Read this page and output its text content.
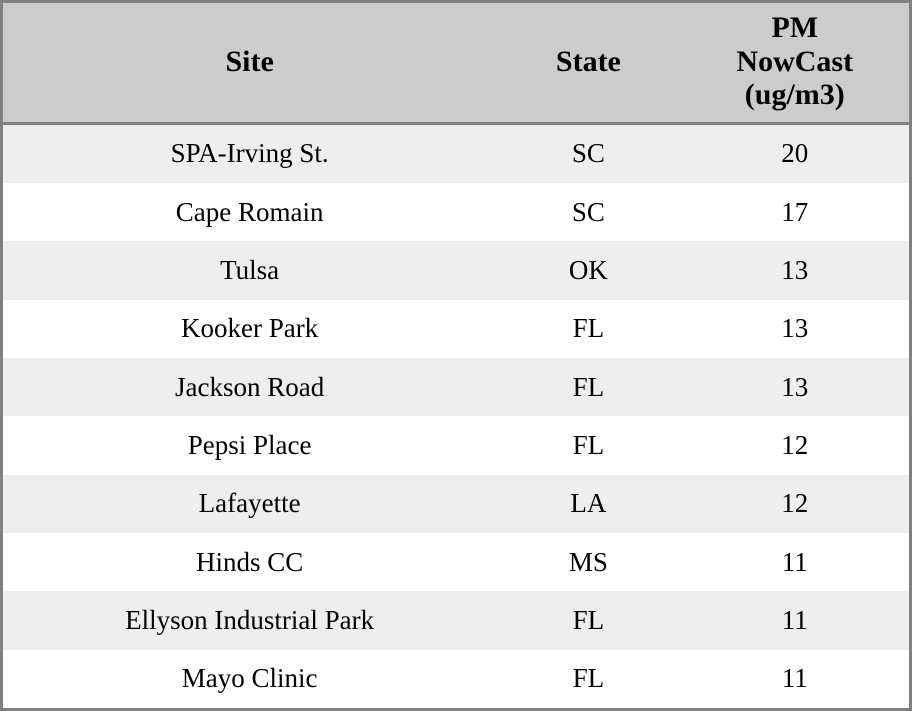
Site	State	PM
NowCast
(ug/m3)

SPA-Irving St.	SC	20
Cape Romain	SC	17
Tulsa	OK	13
Kooker Park	FL	13
Jackson Road	FL	13
Pepsi Place	FL	12
Lafayette	LA	12
Hinds CC	MS	11
Ellyson Industrial Park	FL	11
Mayo Clinic	FL	11
